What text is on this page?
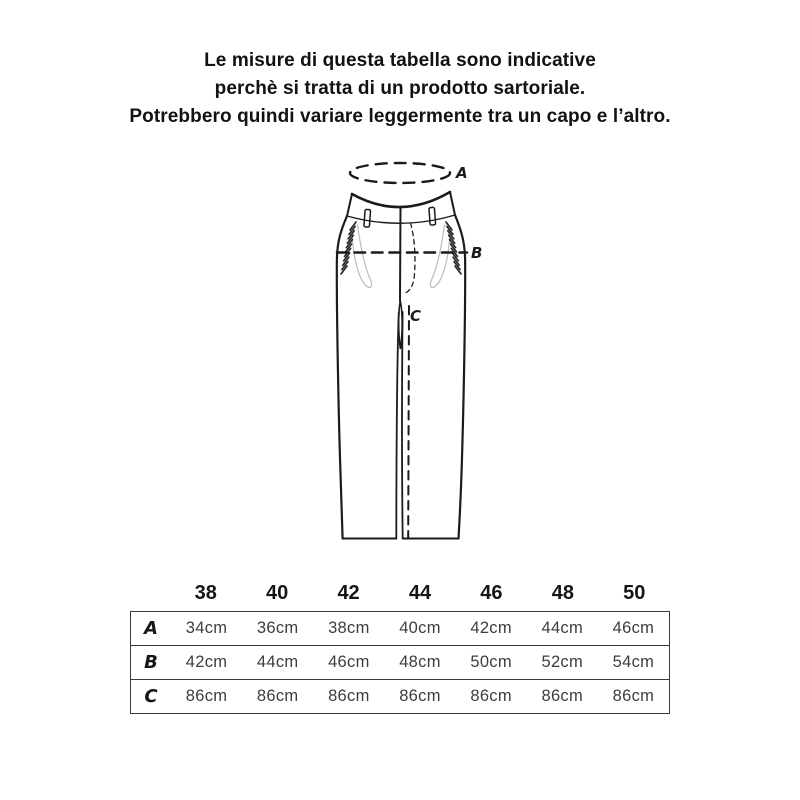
Le misure di questa tabella sono indicative
perchè si tratta di un prodotto sartoriale.
Potrebbero quindi variare leggermente tra un capo e l’altro.
A
B
C
38	40	42	44	46	48	50
A	34cm	36cm	38cm	40cm	42cm	44cm	46cm
B	42cm	44cm	46cm	48cm	50cm	52cm	54cm
C	86cm	86cm	86cm	86cm	86cm	86cm	86cm
